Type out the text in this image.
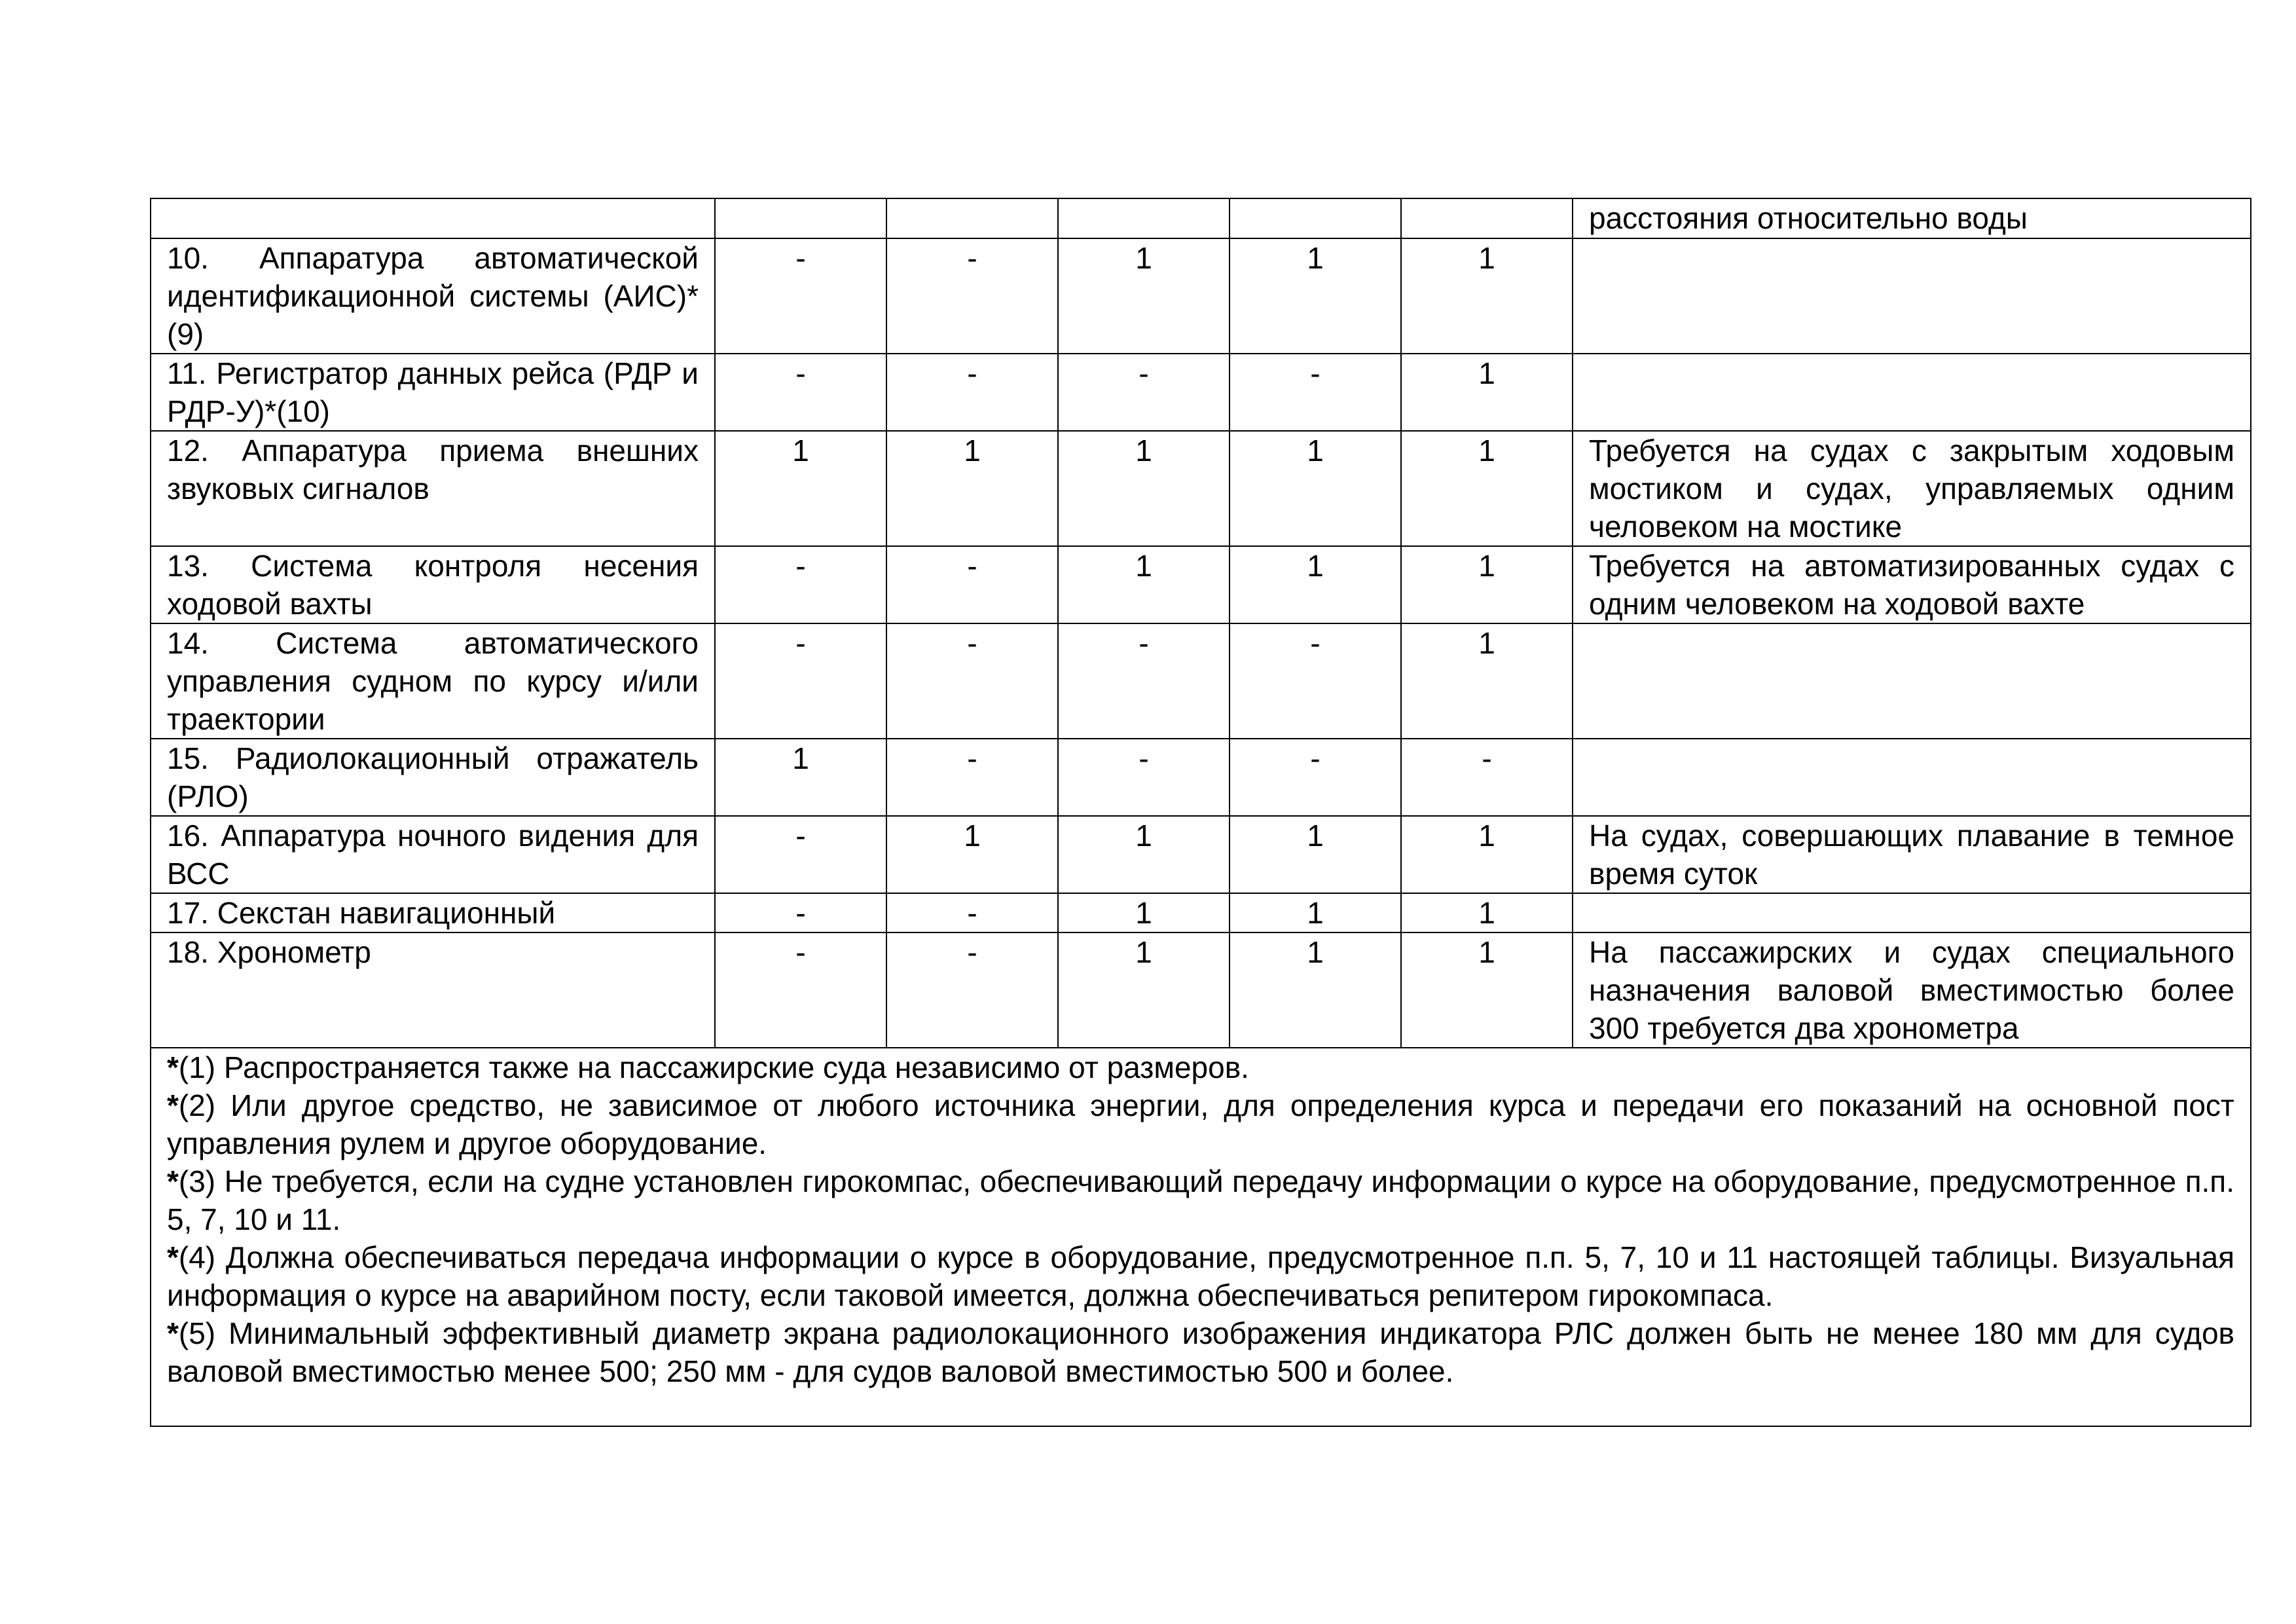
						расстояния относительно воды
10. Аппаратура автоматической идентификационной системы (АИС)*(9)	-	-	1	1	1	
11. Регистратор данных рейса (РДР и РДР-У)*(10)	-	-	-	-	1	
12. Аппаратура приема внешних звуковых сигналов	1	1	1	1	1	Требуется на судах с закрытым ходовым мостиком и судах, управляемых одним человеком на мостике
13. Система контроля несения ходовой вахты	-	-	1	1	1	Требуется на автоматизированных судах с одним человеком на ходовой вахте
14. Система автоматического управления судном по курсу и/или траектории	-	-	-	-	1	
15. Радиолокационный отражатель (РЛО)	1	-	-	-	-	
16. Аппаратура ночного видения для ВСС	-	1	1	1	1	На судах, совершающих плавание в темное время суток
17. Секстан навигационный	-	-	1	1	1	
18. Хронометр	-	-	1	1	1	На пассажирских и судах специального назначения валовой вместимостью более 300 требуется два хронометра

*(1) Распространяется также на пассажирские суда независимо от размеров.
*(2) Или другое средство, не зависимое от любого источника энергии, для определения курса и передачи его показаний на основной пост управления рулем и другое оборудование.
*(3) Не требуется, если на судне установлен гирокомпас, обеспечивающий передачу информации о курсе на оборудование, предусмотренное п.п. 5, 7, 10 и 11.
*(4) Должна обеспечиваться передача информации о курсе в оборудование, предусмотренное п.п. 5, 7, 10 и 11 настоящей таблицы. Визуальная информация о курсе на аварийном посту, если таковой имеется, должна обеспечиваться репитером гирокомпаса.
*(5) Минимальный эффективный диаметр экрана радиолокационного изображения индикатора РЛС должен быть не менее 180 мм для судов валовой вместимостью менее 500; 250 мм - для судов валовой вместимостью 500 и более.						
